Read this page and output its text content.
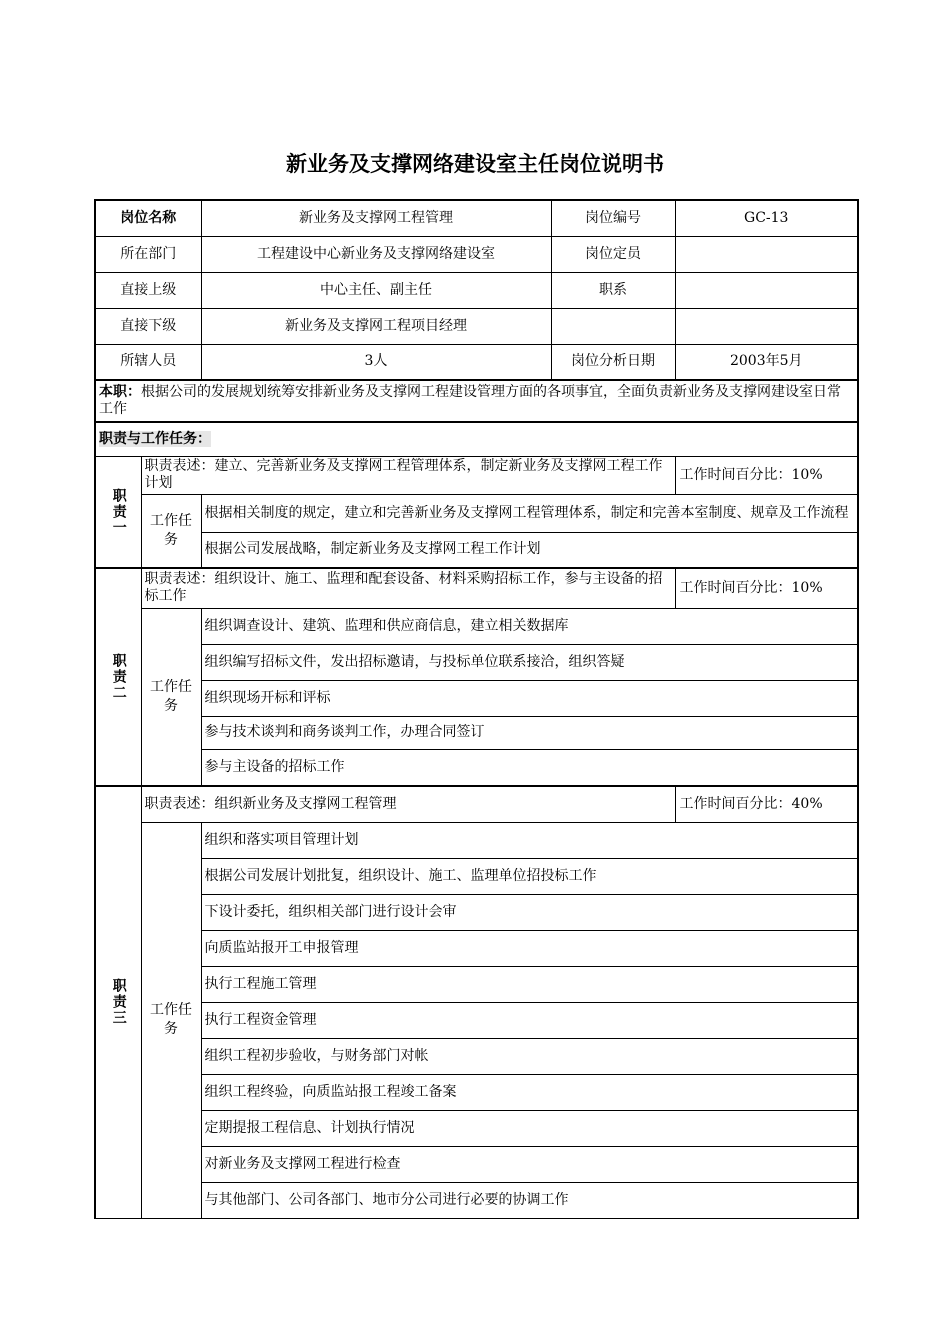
新业务及支撑网络建设室主任岗位说明书
岗位名称		新业务及支撑网工程管理	岗位编号	GC-13
所在部门		工程建设中心新业务及支撑网络建设室	岗位定员	
直接上级		中心主任、副主任	职系	
直接下级		新业务及支撑网工程项目经理		
所辖人员		3人	岗位分析日期	2003年5月
本职：根据公司的发展规划统筹安排新业务及支撑网工程建设管理方面的各项事宜，全面负责新业务及支撑网建设室日常工作				
职责与工作任务：				

职责一	职责表述：建立、完善新业务及支撑网工程管理体系，制定新业务及支撑网工程工作计划			工作时间百分比：10%
	工作任务	根据相关制度的规定，建立和完善新业务及支撑网工程管理体系，制定和完善本室制度、规章及工作流程		
		根据公司发展战略，制定新业务及支撑网工程工作计划		

职责二	职责表述：组织设计、施工、监理和配套设备、材料采购招标工作，参与主设备的招标工作			工作时间百分比：10%
	工作任务	组织调查设计、建筑、监理和供应商信息，建立相关数据库		
		组织编写招标文件，发出招标邀请，与投标单位联系接洽，组织答疑		
		组织现场开标和评标		
		参与技术谈判和商务谈判工作，办理合同签订		
		参与主设备的招标工作		

职责三	职责表述：组织新业务及支撑网工程管理			工作时间百分比：40%
	工作任务	组织和落实项目管理计划		
		根据公司发展计划批复，组织设计、施工、监理单位招投标工作		
		下设计委托，组织相关部门进行设计会审		
		向质监站报开工申报管理		
		执行工程施工管理		
		执行工程资金管理		
		组织工程初步验收，与财务部门对帐		
		组织工程终验，向质监站报工程竣工备案		
		定期提报工程信息、计划执行情况		
		对新业务及支撑网工程进行检查		
		与其他部门、公司各部门、地市分公司进行必要的协调工作		
